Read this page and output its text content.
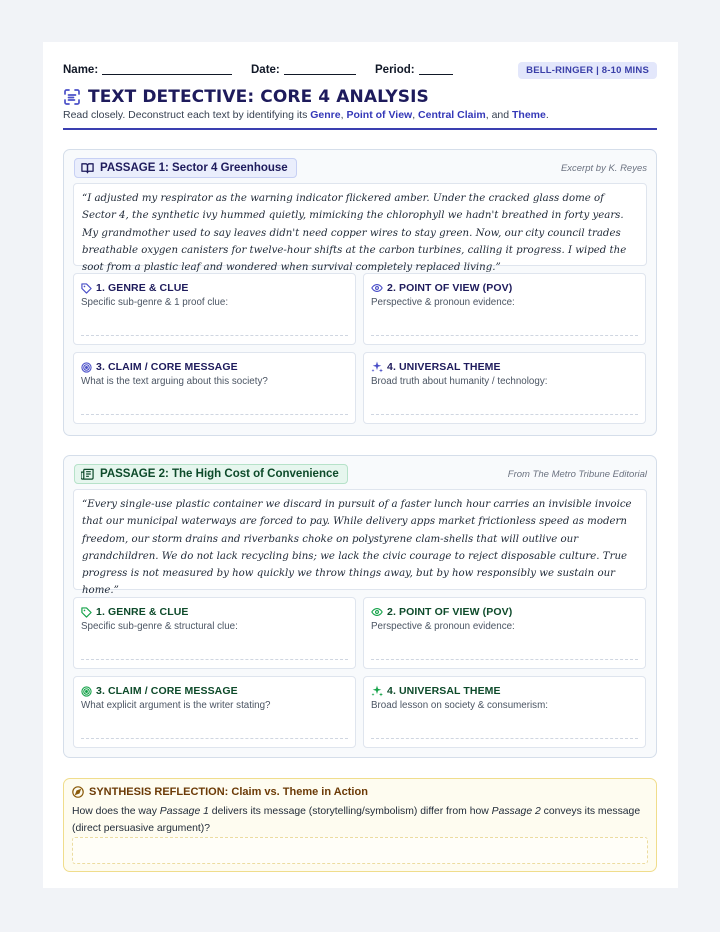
Name:	Date:	Period:	BELL-RINGER | 8-10 MINS
TEXT DETECTIVE: CORE 4 ANALYSIS
Read closely. Deconstruct each text by identifying its Genre, Point of View, Central Claim, and Theme.
PASSAGE 1: Sector 4 Greenhouse	Excerpt by K. Reyes
“I adjusted my respirator as the warning indicator flickered amber. Under the cracked glass dome of Sector 4, the synthetic ivy hummed quietly, mimicking the chlorophyll we hadn't breathed in forty years. My grandmother used to say leaves didn't need copper wires to stay green. Now, our city council trades breathable oxygen canisters for twelve-hour shifts at the carbon turbines, calling it progress. I wiped the soot from a plastic leaf and wondered when survival completely replaced living.”
1. GENRE & CLUE
Specific sub-genre & 1 proof clue:
2. POINT OF VIEW (POV)
Perspective & pronoun evidence:
3. CLAIM / CORE MESSAGE
What is the text arguing about this society?
4. UNIVERSAL THEME
Broad truth about humanity / technology:
PASSAGE 2: The High Cost of Convenience	From The Metro Tribune Editorial
“Every single-use plastic container we discard in pursuit of a faster lunch hour carries an invisible invoice that our municipal waterways are forced to pay. While delivery apps market frictionless speed as modern freedom, our storm drains and riverbanks choke on polystyrene clam-shells that will outlive our grandchildren. We do not lack recycling bins; we lack the civic courage to reject disposable culture. True progress is not measured by how quickly we throw things away, but by how responsibly we sustain our home.”
1. GENRE & CLUE
Specific sub-genre & structural clue:
2. POINT OF VIEW (POV)
Perspective & pronoun evidence:
3. CLAIM / CORE MESSAGE
What explicit argument is the writer stating?
4. UNIVERSAL THEME
Broad lesson on society & consumerism:
SYNTHESIS REFLECTION: Claim vs. Theme in Action
How does the way Passage 1 delivers its message (storytelling/symbolism) differ from how Passage 2 conveys its message (direct persuasive argument)?
